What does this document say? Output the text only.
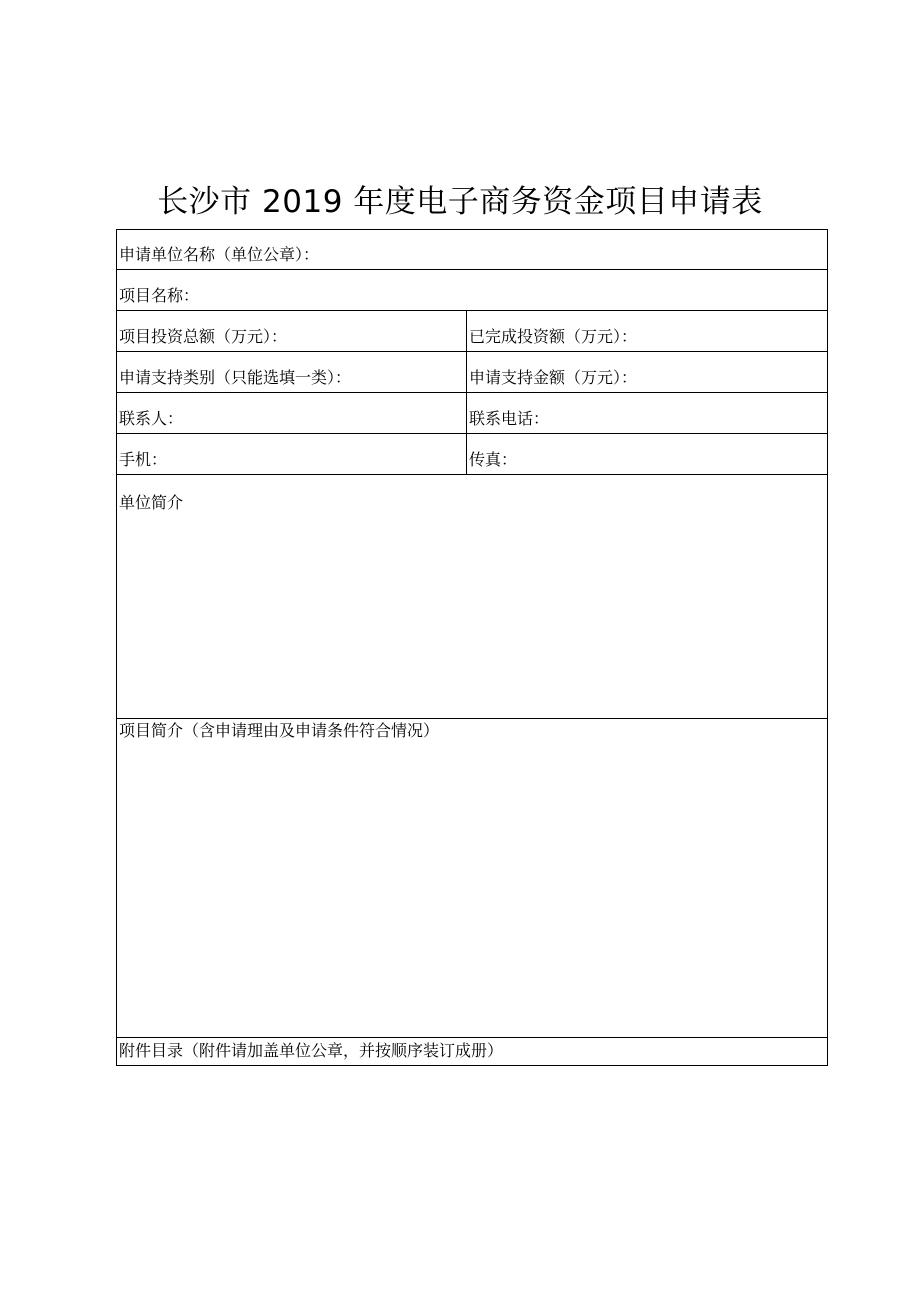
长沙市 2019 年度电子商务资金项目申请表
申请单位名称（单位公章）：	
项目名称：	
项目投资总额（万元）：	已完成投资额（万元）：
申请支持类别（只能选填一类）：	申请支持金额（万元）：
联系人：	联系电话：
手机：	传真：
单位简介	
项目简介（含申请理由及申请条件符合情况）	
附件目录（附件请加盖单位公章，并按顺序装订成册）	
